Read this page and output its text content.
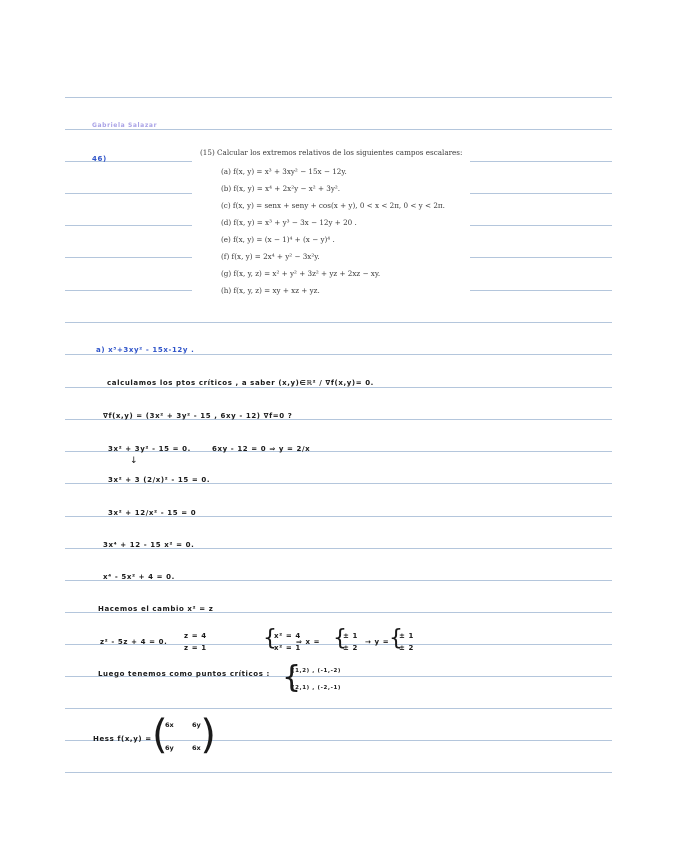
Gabriela Salazar
46)
(15) Calcular los extremos relativos de los siguientes campos escalares:
(a) f(x, y) = x³ + 3xy² − 15x − 12y.
(b) f(x, y) = x⁴ + 2x²y − x² + 3y².
(c) f(x, y) = senx + seny + cos(x + y), 0 < x < 2π, 0 < y < 2π.
(d) f(x, y) = x³ + y³ − 3x − 12y + 20 .
(e) f(x, y) = (x − 1)⁴ + (x − y)⁴ .
(f) f(x, y) = 2x⁴ + y² − 3x²y.
(g) f(x, y, z) = x² + y² + 3z² + yz + 2xz − xy.
(h) f(x, y, z) = xy + xz + yz.
a) x³+3xy² - 15x-12y .
calculamos los ptos críticos , a saber (x,y)∈ℝ² / ∇f(x,y)= 0.
∇f(x,y) = (3x² + 3y² - 15 , 6xy - 12) ∇f=0 ?
3x² + 3y² - 15 = 0.	6xy - 12 = 0 ⇒ y = 2/x
↓
3x² + 3 (2/x)² - 15 = 0.
3x² + 12/x² - 15 = 0
3x⁴ + 12 - 15 x² = 0.
x⁴ - 5x² + 4 = 0.
Hacemos el cambio x² = z
z² - 5z + 4 = 0.
z = 4
z = 1	{
x² = 4
x² = 1
⇒ x = {
± 1
± 2
→ y = {
± 1
± 2
Luego tenemos como puntos críticos : {
(1,2) , (-1,-2)
(2,1) , (-2,-1)
Hess f(x,y) = ( )
6x	6y
6y	6x
